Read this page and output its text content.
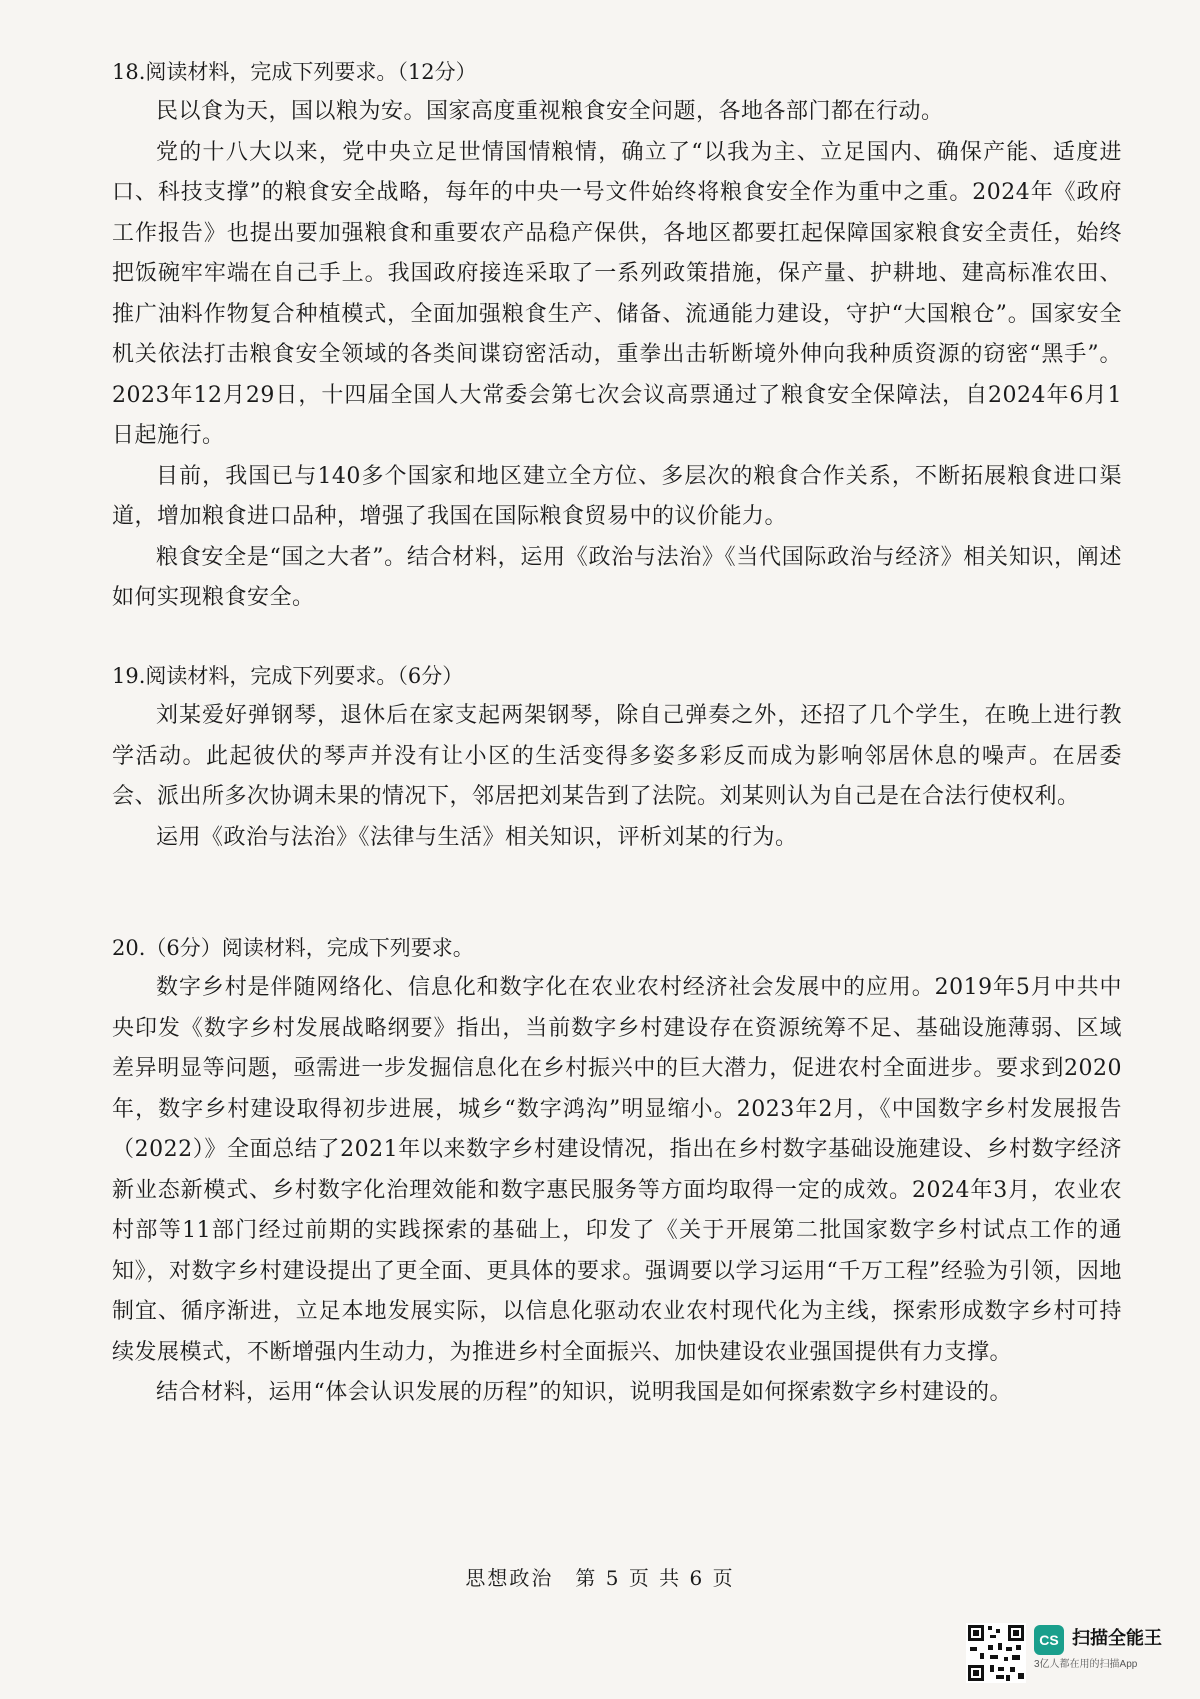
18.阅读材料，完成下列要求。（12分）

民以食为天，国以粮为安。国家高度重视粮食安全问题，各地各部门都在行动。

党的十八大以来，党中央立足世情国情粮情，确立了“以我为主、立足国内、确保产能、适度进口、科技支撑”的粮食安全战略，每年的中央一号文件始终将粮食安全作为重中之重。2024年《政府工作报告》也提出要加强粮食和重要农产品稳产保供，各地区都要扛起保障国家粮食安全责任，始终把饭碗牢牢端在自己手上。我国政府接连采取了一系列政策措施，保产量、护耕地、建高标准农田、推广油料作物复合种植模式，全面加强粮食生产、储备、流通能力建设，守护“大国粮仓”。国家安全机关依法打击粮食安全领域的各类间谍窃密活动，重拳出击斩断境外伸向我种质资源的窃密“黑手”。2023年12月29日，十四届全国人大常委会第七次会议高票通过了粮食安全保障法，自2024年6月1日起施行。

目前，我国已与140多个国家和地区建立全方位、多层次的粮食合作关系，不断拓展粮食进口渠道，增加粮食进口品种，增强了我国在国际粮食贸易中的议价能力。

粮食安全是“国之大者”。结合材料，运用《政治与法治》《当代国际政治与经济》相关知识，阐述如何实现粮食安全。

19.阅读材料，完成下列要求。（6分）

刘某爱好弹钢琴，退休后在家支起两架钢琴，除自己弹奏之外，还招了几个学生，在晚上进行教学活动。此起彼伏的琴声并没有让小区的生活变得多姿多彩反而成为影响邻居休息的噪声。在居委会、派出所多次协调未果的情况下，邻居把刘某告到了法院。刘某则认为自己是在合法行使权利。

运用《政治与法治》《法律与生活》相关知识，评析刘某的行为。

20.（6分）阅读材料，完成下列要求。

数字乡村是伴随网络化、信息化和数字化在农业农村经济社会发展中的应用。2019年5月中共中央印发《数字乡村发展战略纲要》指出，当前数字乡村建设存在资源统筹不足、基础设施薄弱、区域差异明显等问题，亟需进一步发掘信息化在乡村振兴中的巨大潜力，促进农村全面进步。要求到2020年，数字乡村建设取得初步进展，城乡“数字鸿沟”明显缩小。2023年2月，《中国数字乡村发展报告（2022）》全面总结了2021年以来数字乡村建设情况，指出在乡村数字基础设施建设、乡村数字经济新业态新模式、乡村数字化治理效能和数字惠民服务等方面均取得一定的成效。2024年3月，农业农村部等11部门经过前期的实践探索的基础上，印发了《关于开展第二批国家数字乡村试点工作的通知》，对数字乡村建设提出了更全面、更具体的要求。强调要以学习运用“千万工程”经验为引领，因地制宜、循序渐进，立足本地发展实际，以信息化驱动农业农村现代化为主线，探索形成数字乡村可持续发展模式，不断增强内生动力，为推进乡村全面振兴、加快建设农业强国提供有力支撑。

结合材料，运用“体会认识发展的历程”的知识，说明我国是如何探索数字乡村建设的。

思想政治　第 5 页 共 6 页
CS 扫描全能王
3亿人都在用的扫描App
